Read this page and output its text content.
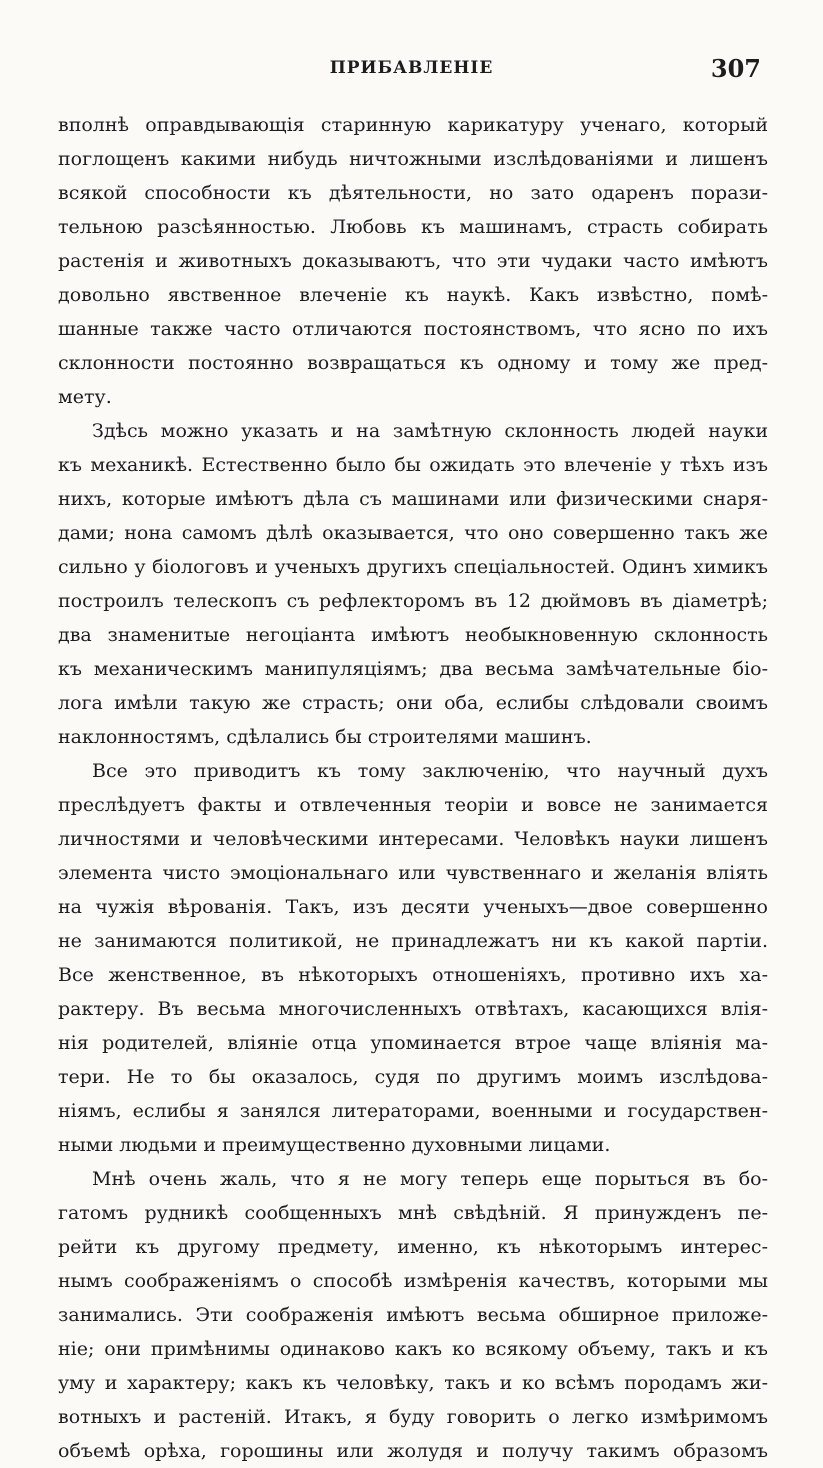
ПРИБАВЛЕНІЕ	307
вполнѣ оправдывающія старинную карикатуру ученаго, который
поглощенъ какими нибудь ничтожными изслѣдованіями и лишенъ
всякой способности къ дѣятельности, но зато одаренъ порази-
тельною разсѣянностью. Любовь къ машинамъ, страсть собирать
растенія и животныхъ доказываютъ, что эти чудаки часто имѣютъ
довольно явственное влеченіе къ наукѣ. Какъ извѣстно, помѣ-
шанные также часто отличаются постоянствомъ, что ясно по ихъ
склонности постоянно возвращаться къ одному и тому же пред-
мету.
Здѣсь можно указать и на замѣтную склонность людей науки
къ механикѣ. Естественно было бы ожидать это влеченіе у тѣхъ изъ
нихъ, которые имѣютъ дѣла съ машинами или физическими снаря-
дами; нона самомъ дѣлѣ оказывается, что оно совершенно такъ же
сильно у біологовъ и ученыхъ другихъ спеціальностей. Одинъ химикъ
построилъ телескопъ съ рефлекторомъ въ 12 дюймовъ въ діаметрѣ;
два знаменитые негоціанта имѣютъ необыкновенную склонность
къ механическимъ манипуляціямъ; два весьма замѣчательные біо-
лога имѣли такую же страсть; они оба, еслибы слѣдовали своимъ
наклонностямъ, сдѣлались бы строителями машинъ.
Все это приводитъ къ тому заключенію, что научный духъ
преслѣдуетъ факты и отвлеченныя теоріи и вовсе не занимается
личностями и человѣческими интересами. Человѣкъ науки лишенъ
элемента чисто эмоціональнаго или чувственнаго и желанія вліять
на чужія вѣрованія. Такъ, изъ десяти ученыхъ—двое совершенно
не занимаются политикой, не принадлежатъ ни къ какой партіи.
Все женственное, въ нѣкоторыхъ отношеніяхъ, противно ихъ ха-
рактеру. Въ весьма многочисленныхъ отвѣтахъ, касающихся влія-
нія родителей, вліяніе отца упоминается втрое чаще вліянія ма-
тери. Не то бы оказалось, судя по другимъ моимъ изслѣдова-
ніямъ, еслибы я занялся литераторами, военными и государствен-
ными людьми и преимущественно духовными лицами.
Мнѣ очень жаль, что я не могу теперь еще порыться въ бо-
гатомъ рудникѣ сообщенныхъ мнѣ свѣдѣній. Я принужденъ пе-
рейти къ другому предмету, именно, къ нѣкоторымъ интерес-
нымъ соображеніямъ о способѣ измѣренія качествъ, которыми мы
занимались. Эти соображенія имѣютъ весьма обширное приложе-
ніе; они примѣнимы одинаково какъ ко всякому объему, такъ и къ
уму и характеру; какъ къ человѣку, такъ и ко всѣмъ породамъ жи-
вотныхъ и растеній. Итакъ, я буду говорить о легко измѣримомъ
объемѣ орѣха, горошины или жолудя и получу такимъ образомъ
